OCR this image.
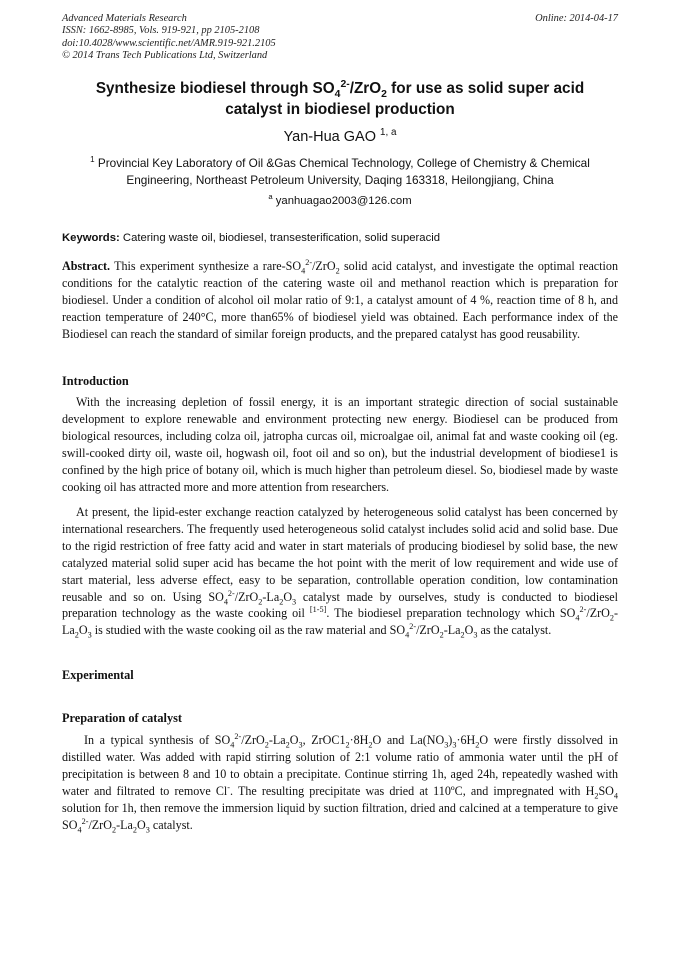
Advanced Materials Research
ISSN: 1662-8985, Vols. 919-921, pp 2105-2108
doi:10.4028/www.scientific.net/AMR.919-921.2105
© 2014 Trans Tech Publications Ltd, Switzerland
Online: 2014-04-17
Synthesize biodiesel through $SO_4^{2-}/ZrO_2$ for use as solid super acid
catalyst in biodiesel production
Yan-Hua GAO $^{1, a}$
$^1$ Provincial Key Laboratory of Oil &Gas Chemical Technology, College of Chemistry & Chemical Engineering, Northeast Petroleum University, Daqing 163318, Heilongjiang, China
$^a$ yanhuagao2003@126.com
Keywords: Catering waste oil, biodiesel, transesterification, solid superacid
Abstract. This experiment synthesize a rare-$SO_4^{2-}/ZrO_2$ solid acid catalyst, and investigate the optimal reaction conditions for the catalytic reaction of the catering waste oil and methanol reaction which is preparation for biodiesel. Under a condition of alcohol oil molar ratio of 9:1, a catalyst amount of 4 %, reaction time of 8 h, and reaction temperature of 240°C, more than65% of biodiesel yield was obtained. Each performance index of the Biodiesel can reach the standard of similar foreign products, and the prepared catalyst has good reusability.
Introduction
With the increasing depletion of fossil energy, it is an important strategic direction of social sustainable development to explore renewable and environment protecting new energy. Biodiesel can be produced from biological resources, including colza oil, jatropha curcas oil, microalgae oil, animal fat and waste cooking oil (eg. swill-cooked dirty oil, waste oil, hogwash oil, foot oil and so on), but the industrial development of biodiese1 is confined by the high price of botany oil, which is much higher than petroleum diesel. So, biodiesel made by waste cooking oil has attracted more and more attention from researchers.
At present, the lipid-ester exchange reaction catalyzed by heterogeneous solid catalyst has been concerned by international researchers. The frequently used heterogeneous solid catalyst includes solid acid and solid base. Due to the rigid restriction of free fatty acid and water in start materials of producing biodiesel by solid base, the new catalyzed material solid super acid has became the hot point with the merit of low requirement and wide use of start material, less adverse effect, easy to be separation, controllable operation condition, low contamination reusable and so on. Using $SO_4^{2-}/ZrO_2-La_2O_3$ catalyst made by ourselves, study is conducted to biodiesel preparation technology as the waste cooking oil [1-5]. The biodiesel preparation technology which $SO_4^{2-}/ZrO_2-La_2O_3$ is studied with the waste cooking oil as the raw material and $SO_4^{2-}/ZrO_2-La_2O_3$ as the catalyst.
Experimental
Preparation of catalyst
In a typical synthesis of $SO_4^{2-}/ZrO_2-La_2O_3$, $ZrOC1_2\cdot 8H_2O$ and $La(NO_3)_3\cdot 6H_2O$ were firstly dissolved in distilled water. Was added with rapid stirring solution of 2:1 volume ratio of ammonia water until the pH of precipitation is between 8 and 10 to obtain a precipitate. Continue stirring 1h, aged 24h, repeatedly washed with water and filtrated to remove Cl-. The resulting precipitate was dried at 110ºC, and impregnated with $H_2SO_4$ solution for 1h, then remove the immersion liquid by suction filtration, dried and calcined at a temperature to give $SO_4^{2-}/ZrO_2-La_2O_3$ catalyst.
